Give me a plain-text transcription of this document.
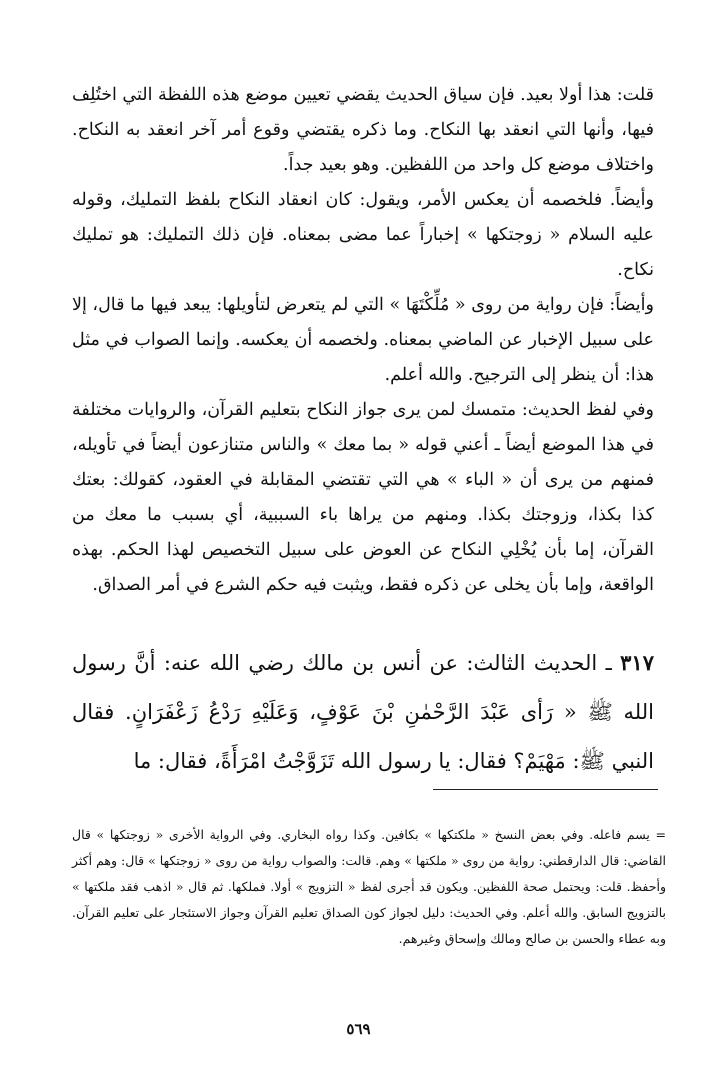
قلت: هذا أولا بعيد. فإن سياق الحديث يقضي تعيين موضع هذه اللفظة التي اختُلِف فيها، وأنها التي انعقد بها النكاح. وما ذكره يقتضي وقوع أمر آخر انعقد به النكاح. واختلاف موضع كل واحد من اللفظين. وهو بعيد جداً.

وأيضاً. فلخصمه أن يعكس الأمر، ويقول: كان انعقاد النكاح بلفظ التمليك، وقوله عليه السلام « زوجتكها » إخباراً عما مضى بمعناه. فإن ذلك التمليك: هو تمليك نكاح.

وأيضاً: فإن رواية من روى « مُلِّكْتَهَا » التي لم يتعرض لتأويلها: يبعد فيها ما قال، إلا على سبيل الإخبار عن الماضي بمعناه. ولخصمه أن يعكسه. وإنما الصواب في مثل هذا: أن ينظر إلى الترجيح. والله أعلم.

وفي لفظ الحديث: متمسك لمن يرى جواز النكاح بتعليم القرآن، والروايات مختلفة في هذا الموضع أيضاً ـ أعني قوله « بما معك » والناس متنازعون أيضاً في تأويله، فمنهم من يرى أن « الباء » هي التي تقتضي المقابلة في العقود، كقولك: بعتك كذا بكذا، وزوجتك بكذا. ومنهم من يراها باء السببية، أي بسبب ما معك من القرآن، إما بأن يُخْلِي النكاح عن العوض على سبيل التخصيص لهذا الحكم. بهذه الواقعة، وإما بأن يخلى عن ذكره فقط، ويثبت فيه حكم الشرع في أمر الصداق.

٣١٧ ـ الحديث الثالث: عن أنس بن مالك رضي الله عنه: أنَّ رسول الله ﷺ « رَأى عَبْدَ الرَّحْمٰنِ بْنَ عَوْفٍ، وَعَلَيْهِ رَدْعُ زَعْفَرَانٍ. فقال النبي ﷺ: مَهْيَمْ؟ فقال: يا رسول الله تَزَوَّجْتُ امْرَأَةً، فقال: ما

= يسم فاعله. وفي بعض النسخ « ملكتكها » بكافين. وكذا رواه البخاري. وفي الرواية الأخرى « زوجتكها » قال القاضي: قال الدارقطني: رواية من روى « ملكتها » وهم. قالت: والصواب رواية من روى « زوجتكها » قال: وهم أكثر وأحفظ. قلت: ويحتمل صحة اللفظين. ويكون قد أجرى لفظ « التزويج » أولا. فملكها. ثم قال « اذهب فقد ملكتها » بالتزويج السابق. والله أعلم. وفي الحديث: دليل لجواز كون الصداق تعليم القرآن وجواز الاستئجار على تعليم القرآن. وبه عطاء والحسن بن صالح ومالك وإسحاق وغيرهم.

٥٦٩
